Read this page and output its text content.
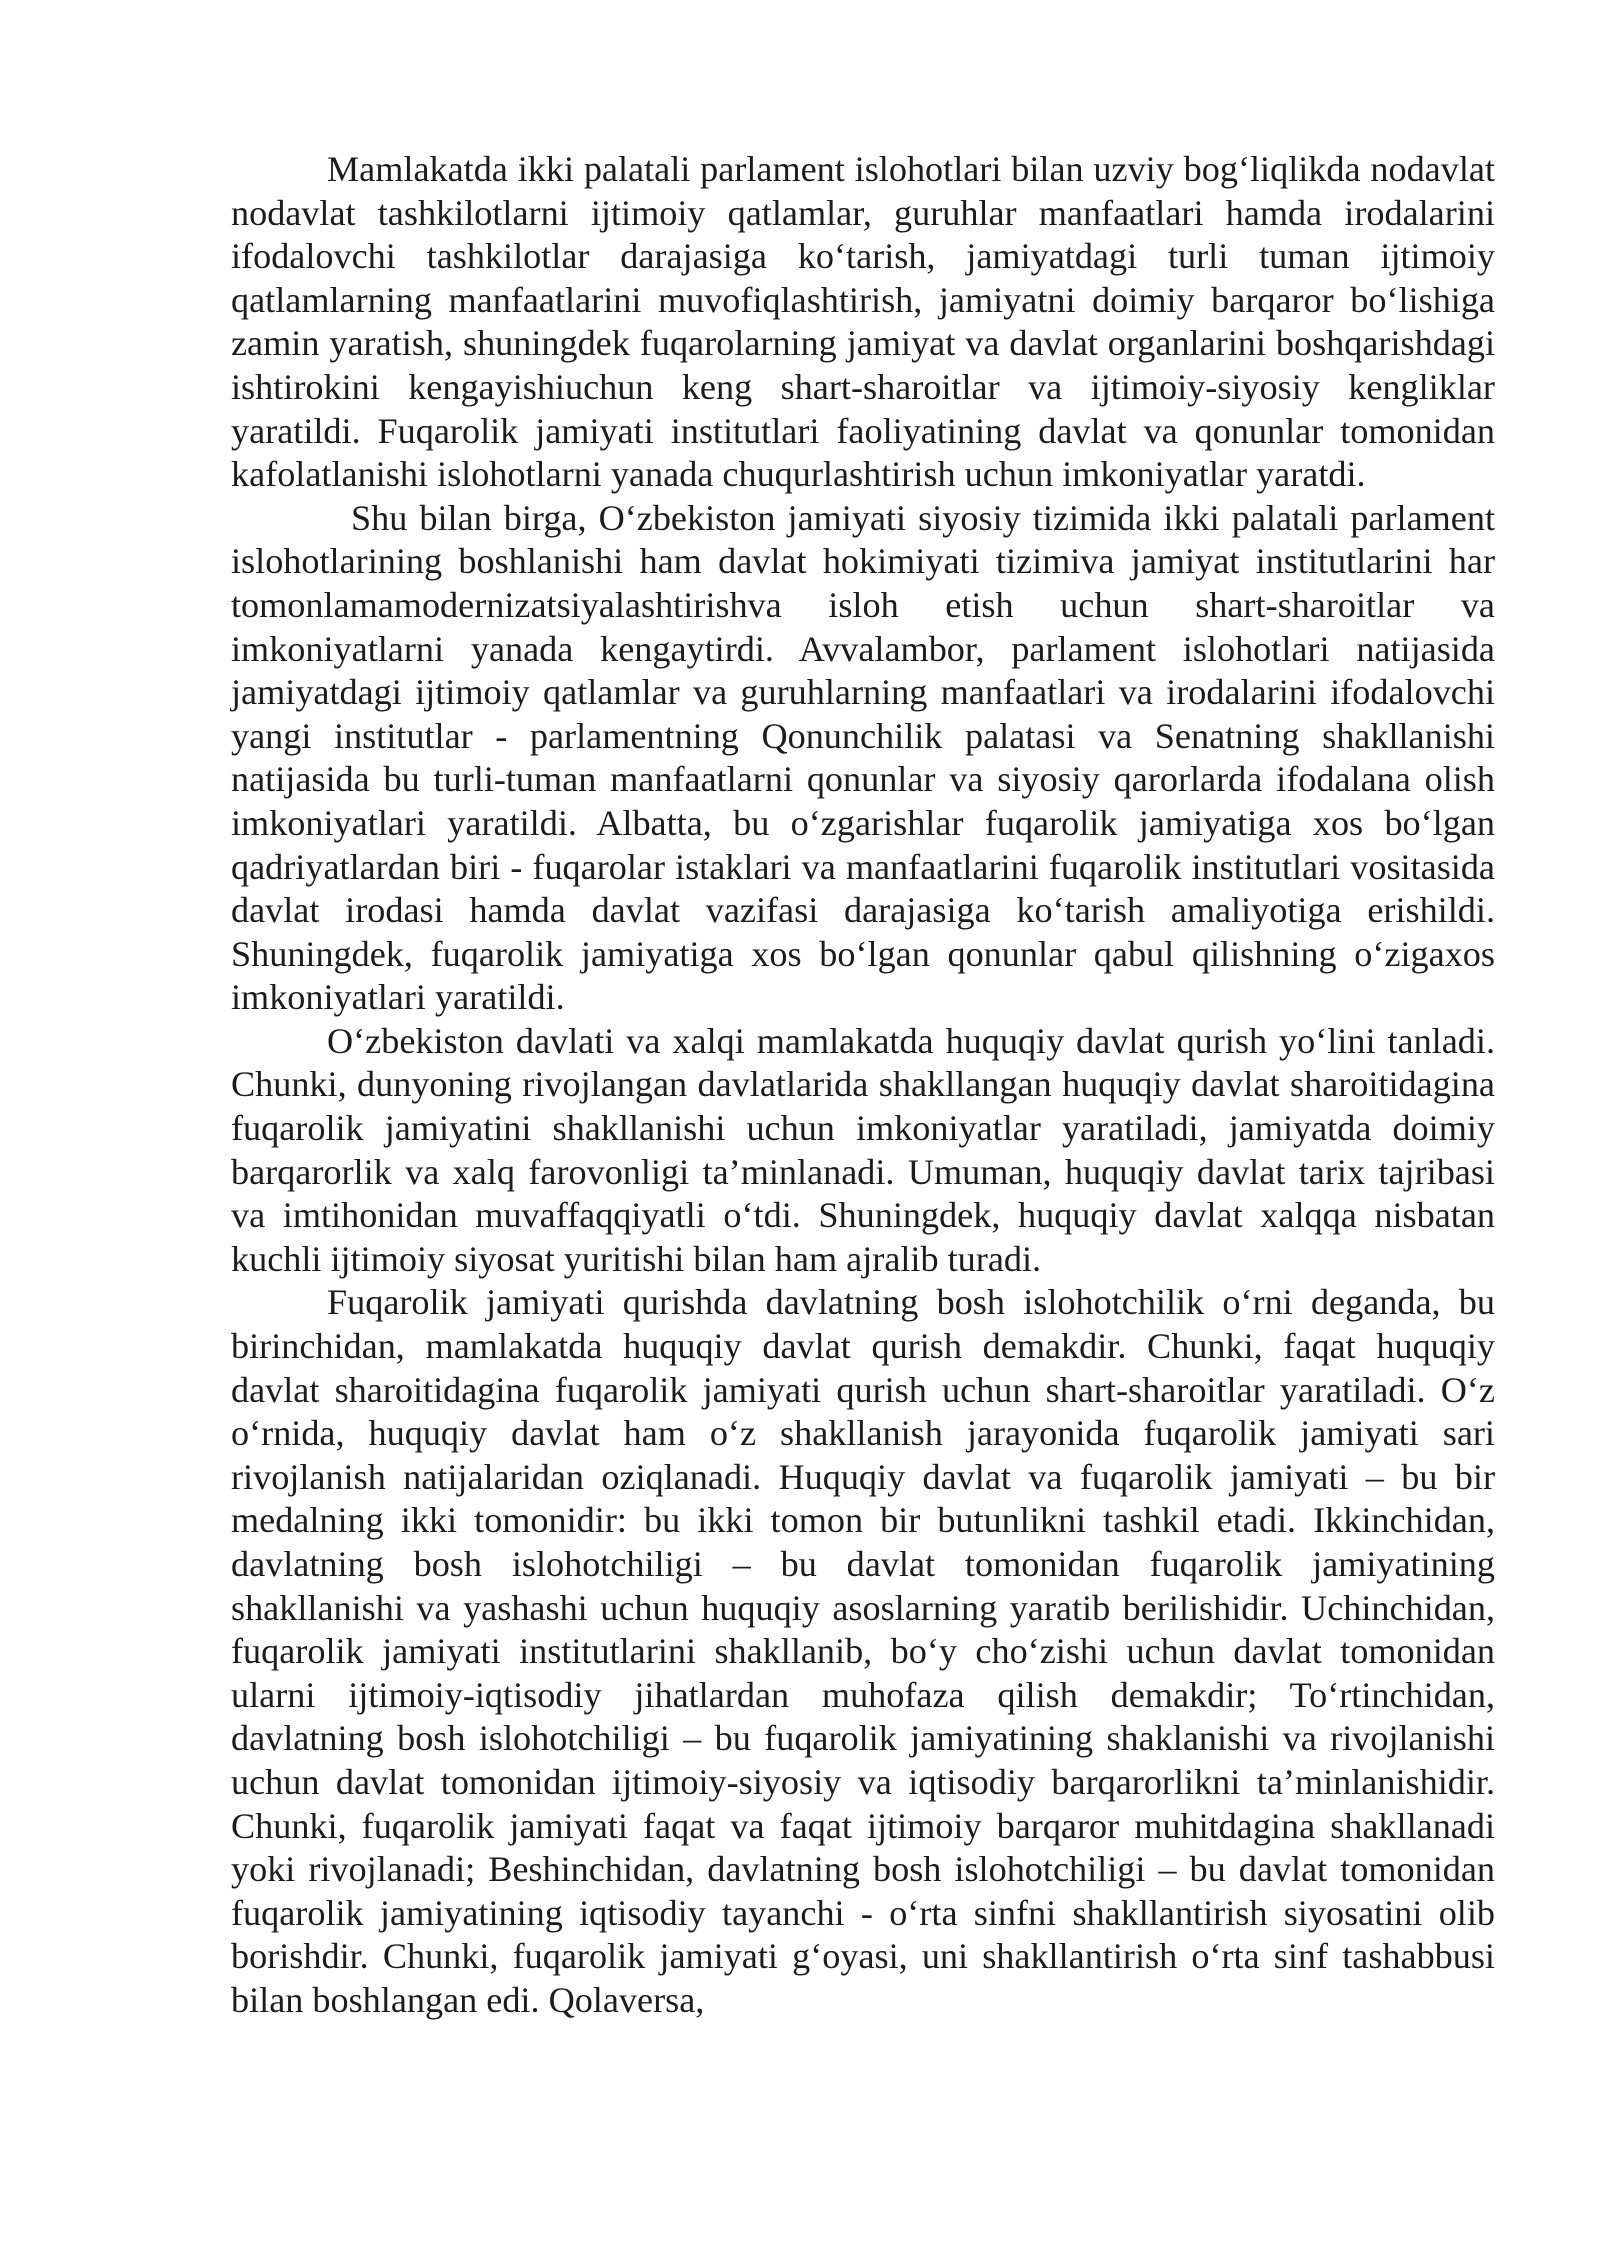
Mamlakatda ikki palatali parlament islohotlari bilan uzviy bog‘liqlikda nodavlat nodavlat tashkilotlarni ijtimoiy qatlamlar, guruhlar manfaatlari hamda irodalarini ifodalovchi tashkilotlar darajasiga ko‘tarish, jamiyatdagi turli tuman ijtimoiy qatlamlarning manfaatlarini muvofiqlashtirish, jamiyatni doimiy barqaror bo‘lishiga zamin yaratish, shuningdek fuqarolarning jamiyat va davlat organlarini boshqarishdagi ishtirokini kengayishiuchun keng shart-sharoitlar va ijtimoiy-siyosiy kengliklar yaratildi. Fuqarolik jamiyati institutlari faoliyatining davlat va qonunlar tomonidan kafolatlanishi islohotlarni yanada chuqurlashtirish uchun imkoniyatlar yaratdi.

Shu bilan birga, O‘zbekiston jamiyati siyosiy tizimida ikki palatali parlament islohotlarining boshlanishi ham davlat hokimiyati tizimiva jamiyat institutlarini har tomonlamamodernizatsiyalashtirishva isloh etish uchun shart-sharoitlar va imkoniyatlarni yanada kengaytirdi. Avvalambor, parlament islohotlari natijasida jamiyatdagi ijtimoiy qatlamlar va guruhlarning manfaatlari va irodalarini ifodalovchi yangi institutlar - parlamentning Qonunchilik palatasi va Senatning shakllanishi natijasida bu turli-tuman manfaatlarni qonunlar va siyosiy qarorlarda ifodalana olish imkoniyatlari yaratildi. Albatta, bu o‘zgarishlar fuqarolik jamiyatiga xos bo‘lgan qadriyatlardan biri - fuqarolar istaklari va manfaatlarini fuqarolik institutlari vositasida davlat irodasi hamda davlat vazifasi darajasiga ko‘tarish amaliyotiga erishildi. Shuningdek, fuqarolik jamiyatiga xos bo‘lgan qonunlar qabul qilishning o‘zigaxos imkoniyatlari yaratildi.

O‘zbekiston davlati va xalqi mamlakatda huquqiy davlat qurish yo‘lini tanladi. Chunki, dunyoning rivojlangan davlatlarida shakllangan huquqiy davlat sharoitidagina fuqarolik jamiyatini shakllanishi uchun imkoniyatlar yaratiladi, jamiyatda doimiy barqarorlik va xalq farovonligi ta’minlanadi. Umuman, huquqiy davlat tarix tajribasi va imtihonidan muvaffaqqiyatli o‘tdi. Shuningdek, huquqiy davlat xalqqa nisbatan kuchli ijtimoiy siyosat yuritishi bilan ham ajralib turadi.

Fuqarolik jamiyati qurishda davlatning bosh islohotchilik o‘rni deganda, bu birinchidan, mamlakatda huquqiy davlat qurish demakdir. Chunki, faqat huquqiy davlat sharoitidagina fuqarolik jamiyati qurish uchun shart-sharoitlar yaratiladi. O‘z o‘rnida, huquqiy davlat ham o‘z shakllanish jarayonida fuqarolik jamiyati sari rivojlanish natijalaridan oziqlanadi. Huquqiy davlat va fuqarolik jamiyati – bu bir medalning ikki tomonidir: bu ikki tomon bir butunlikni tashkil etadi. Ikkinchidan, davlatning bosh islohotchiligi – bu davlat tomonidan fuqarolik jamiyatining shakllanishi va yashashi uchun huquqiy asoslarning yaratib berilishidir. Uchinchidan, fuqarolik jamiyati institutlarini shakllanib, bo‘y cho‘zishi uchun davlat tomonidan ularni ijtimoiy-iqtisodiy jihatlardan muhofaza qilish demakdir; To‘rtinchidan, davlatning bosh islohotchiligi – bu fuqarolik jamiyatining shaklanishi va rivojlanishi uchun davlat tomonidan ijtimoiy-siyosiy va iqtisodiy barqarorlikni ta’minlanishidir. Chunki, fuqarolik jamiyati faqat va faqat ijtimoiy barqaror muhitdagina shakllanadi yoki rivojlanadi; Beshinchidan, davlatning bosh islohotchiligi – bu davlat tomonidan fuqarolik jamiyatining iqtisodiy tayanchi - o‘rta sinfni shakllantirish siyosatini olib borishdir. Chunki, fuqarolik jamiyati g‘oyasi, uni shakllantirish o‘rta sinf tashabbusi bilan boshlangan edi. Qolaversa,
